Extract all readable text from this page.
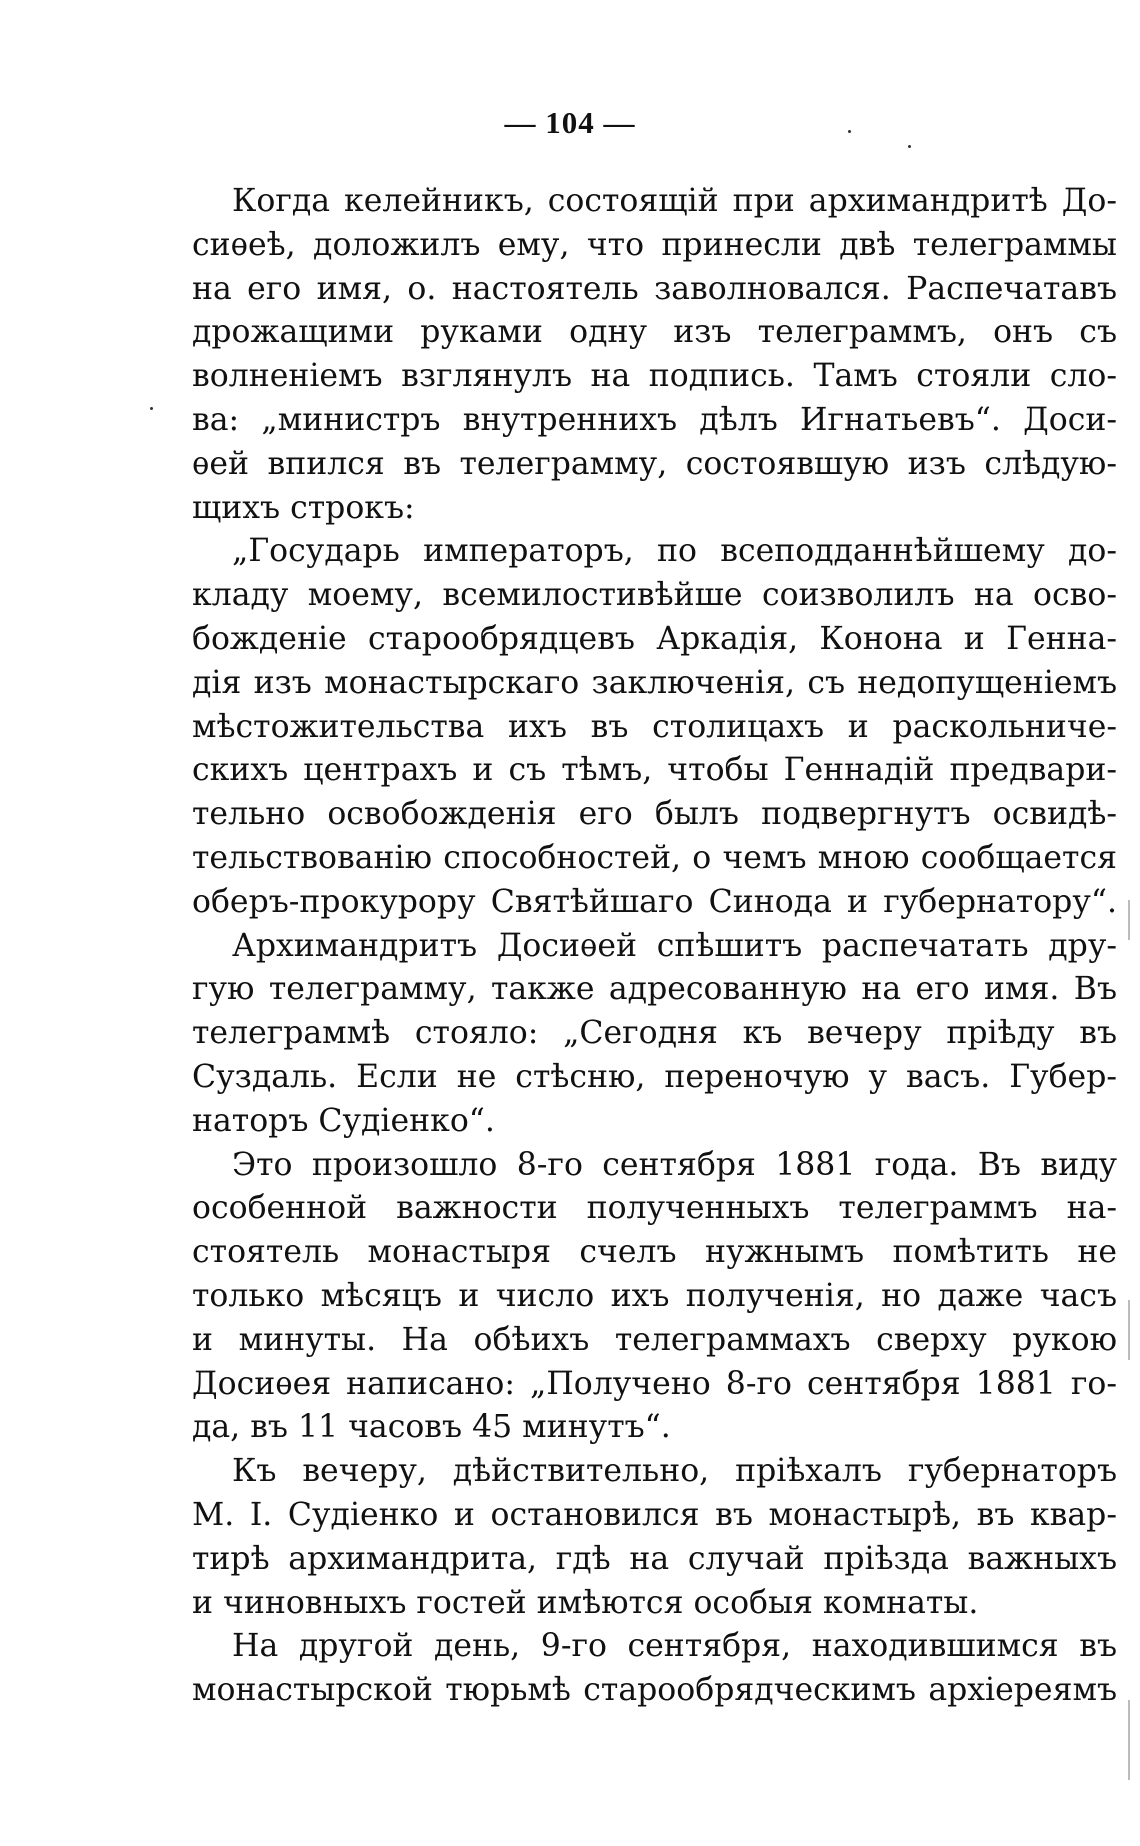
— 104 —

Когда келейникъ, состоящій при архимандритѣ До-
сиѳеѣ, доложилъ ему, что принесли двѣ телеграммы
на его имя, о. настоятель заволновался. Распечатавъ
дрожащими руками одну изъ телеграммъ, онъ съ
волненіемъ взглянулъ на подпись. Тамъ стояли сло-
ва: „министръ внутреннихъ дѣлъ Игнатьевъ“. Доси-
ѳей впился въ телеграмму, состоявшую изъ слѣдую-
щихъ строкъ:

„Государь императоръ, по всеподданнѣйшему до-
кладу моему, всемилостивѣйше соизволилъ на осво-
божденіе старообрядцевъ Аркадія, Конона и Генна-
дія изъ монастырскаго заключенія, съ недопущеніемъ
мѣстожительства ихъ въ столицахъ и раскольниче-
скихъ центрахъ и съ тѣмъ, чтобы Геннадій предвари-
тельно освобожденія его былъ подвергнутъ освидѣ-
тельствованію способностей, о чемъ мною сообщается
оберъ-прокурору Святѣйшаго Синода и губернатору“.

Архимандритъ Досиѳей спѣшитъ распечатать дру-
гую телеграмму, также адресованную на его имя. Въ
телеграммѣ стояло: „Сегодня къ вечеру пріѣду въ
Суздаль. Если не стѣсню, переночую у васъ. Губер-
наторъ Судіенко“.

Это произошло 8-го сентября 1881 года. Въ виду
особенной важности полученныхъ телеграммъ на-
стоятель монастыря счелъ нужнымъ помѣтить не
только мѣсяцъ и число ихъ полученія, но даже часъ
и минуты. На обѣихъ телеграммахъ сверху рукою
Досиѳея написано: „Получено 8-го сентября 1881 го-
да, въ 11 часовъ 45 минутъ“.

Къ вечеру, дѣйствительно, пріѣхалъ губернаторъ
М. І. Судіенко и остановился въ монастырѣ, въ квар-
тирѣ архимандрита, гдѣ на случай пріѣзда важныхъ
и чиновныхъ гостей имѣются особыя комнаты.

На другой день, 9-го сентября, находившимся въ
монастырской тюрьмѣ старообрядческимъ архіереямъ
